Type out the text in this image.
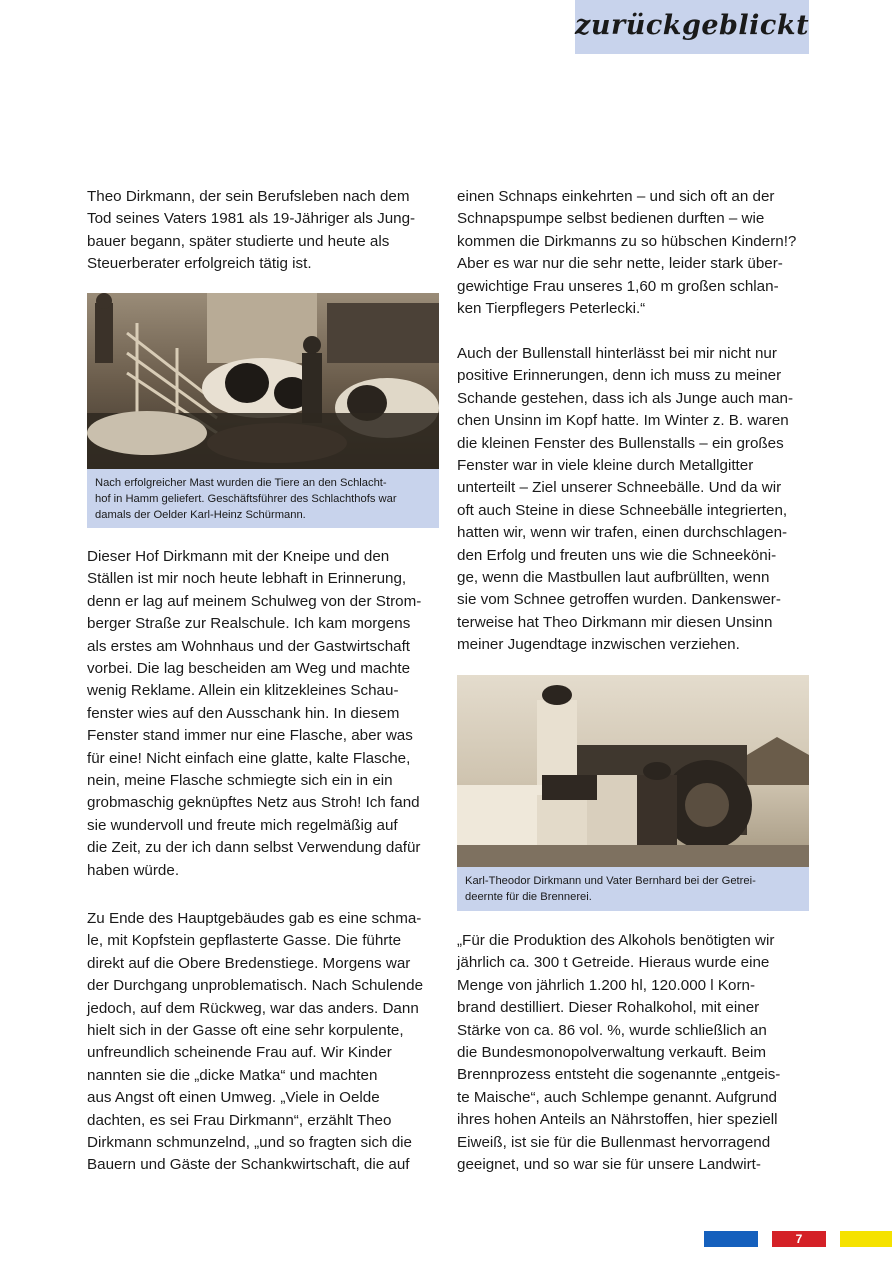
zurückgeblickt
Theo Dirkmann, der sein Berufsleben nach dem
Tod seines Vaters 1981 als 19-Jähriger als Jung-
bauer begann, später studierte und heute als
Steuerberater erfolgreich tätig ist.
Nach erfolgreicher Mast wurden die Tiere an den Schlacht-
hof in Hamm geliefert. Geschäftsführer des Schlachthofs war
damals der Oelder Karl-Heinz Schürmann.
Dieser Hof Dirkmann mit der Kneipe und den
Ställen ist mir noch heute lebhaft in Erinnerung,
denn er lag auf meinem Schulweg von der Strom-
berger Straße zur Realschule. Ich kam morgens
als erstes am Wohnhaus und der Gastwirtschaft
vorbei. Die lag bescheiden am Weg und machte
wenig Reklame. Allein ein klitzekleines Schau-
fenster wies auf den Ausschank hin. In diesem
Fenster stand immer nur eine Flasche, aber was
für eine! Nicht einfach eine glatte, kalte Flasche,
nein, meine Flasche schmiegte sich ein in ein
grobmaschig geknüpftes Netz aus Stroh! Ich fand
sie wundervoll und freute mich regelmäßig auf
die Zeit, zu der ich dann selbst Verwendung dafür
haben würde.
Zu Ende des Hauptgebäudes gab es eine schma-
le, mit Kopfstein gepflasterte Gasse. Die führte
direkt auf die Obere Bredenstiege. Morgens war
der Durchgang unproblematisch. Nach Schulende
jedoch, auf dem Rückweg, war das anders. Dann
hielt sich in der Gasse oft eine sehr korpulente,
unfreundlich scheinende Frau auf. Wir Kinder
nannten sie die „dicke Matka“ und machten
aus Angst oft einen Umweg. „Viele in Oelde
dachten, es sei Frau Dirkmann“, erzählt Theo
Dirkmann schmunzelnd, „und so fragten sich die
Bauern und Gäste der Schankwirtschaft, die auf
einen Schnaps einkehrten – und sich oft an der
Schnapspumpe selbst bedienen durften – wie
kommen die Dirkmanns zu so hübschen Kindern!?
Aber es war nur die sehr nette, leider stark über-
gewichtige Frau unseres 1,60 m großen schlan-
ken Tierpflegers Peterlecki.“
Auch der Bullenstall hinterlässt bei mir nicht nur
positive Erinnerungen, denn ich muss zu meiner
Schande gestehen, dass ich als Junge auch man-
chen Unsinn im Kopf hatte. Im Winter z. B. waren
die kleinen Fenster des Bullenstalls – ein großes
Fenster war in viele kleine durch Metallgitter
unterteilt – Ziel unserer Schneebälle. Und da wir
oft auch Steine in diese Schneebälle integrierten,
hatten wir, wenn wir trafen, einen durchschlagen-
den Erfolg und freuten uns wie die Schneeköni-
ge, wenn die Mastbullen laut aufbrüllten, wenn
sie vom Schnee getroffen wurden. Dankenswer-
terweise hat Theo Dirkmann mir diesen Unsinn
meiner Jugendtage inzwischen verziehen.
Karl-Theodor Dirkmann und Vater Bernhard bei der Getrei-
deernte für die Brennerei.
„Für die Produktion des Alkohols benötigten wir
jährlich ca. 300 t Getreide. Hieraus wurde eine
Menge von jährlich 1.200 hl, 120.000 l Korn-
brand destilliert. Dieser Rohalkohol, mit einer
Stärke von ca. 86 vol. %, wurde schließlich an
die Bundesmonopolverwaltung verkauft. Beim
Brennprozess entsteht die sogenannte „entgeis-
te Maische“, auch Schlempe genannt. Aufgrund
ihres hohen Anteils an Nährstoffen, hier speziell
Eiweiß, ist sie für die Bullenmast hervorragend
geeignet, und so war sie für unsere Landwirt-
7
